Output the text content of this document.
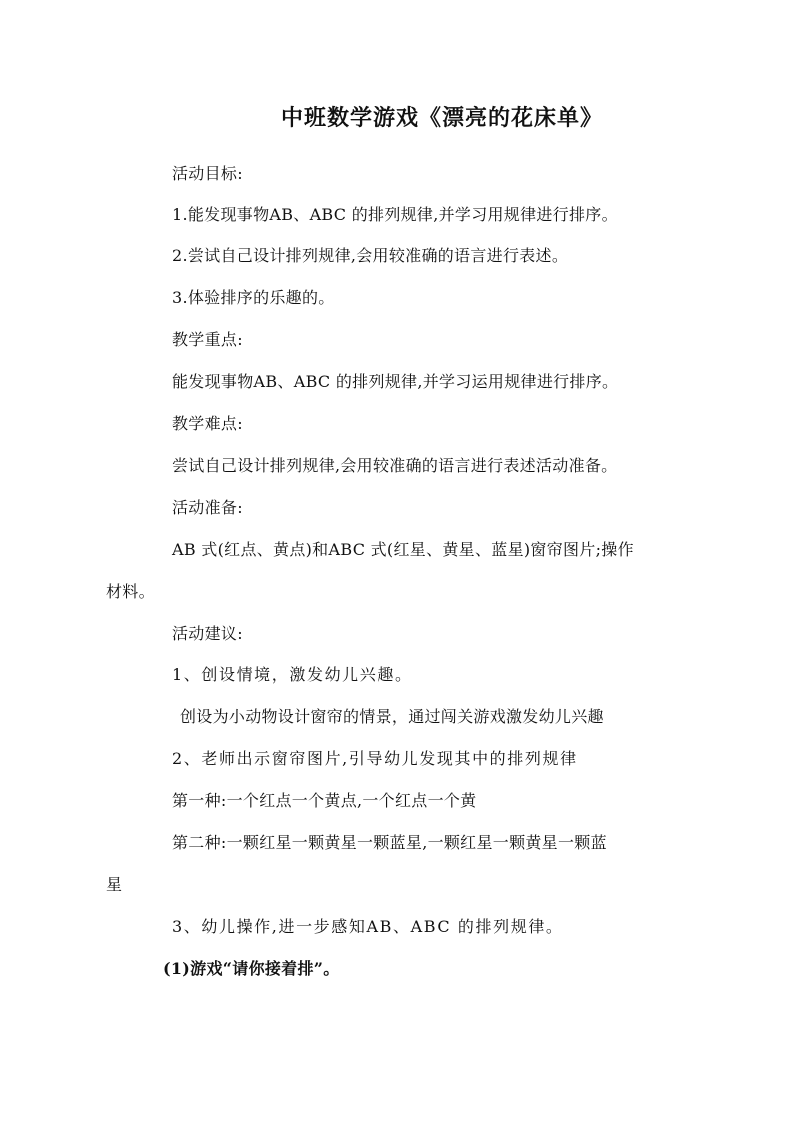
中班数学游戏《漂亮的花床单》
活动目标:
1.能发现事物AB、ABC 的排列规律,并学习用规律进行排序。
2.尝试自己设计排列规律,会用较准确的语言进行表述。
3.体验排序的乐趣的。
教学重点:
能发现事物AB、ABC 的排列规律,并学习运用规律进行排序。
教学难点:
尝试自己设计排列规律,会用较准确的语言进行表述活动准备。
活动准备:
AB 式(红点、黄点)和ABC 式(红星、黄星、蓝星)窗帘图片;操作
材料。
活动建议:
1、创设情境，激发幼儿兴趣。
创设为小动物设计窗帘的情景，通过闯关游戏激发幼儿兴趣
2、老师出示窗帘图片,引导幼儿发现其中的排列规律
第一种:一个红点一个黄点,一个红点一个黄
第二种:一颗红星一颗黄星一颗蓝星,一颗红星一颗黄星一颗蓝
星
3、幼儿操作,进一步感知AB、ABC 的排列规律。
(1)游戏“请你接着排”。
